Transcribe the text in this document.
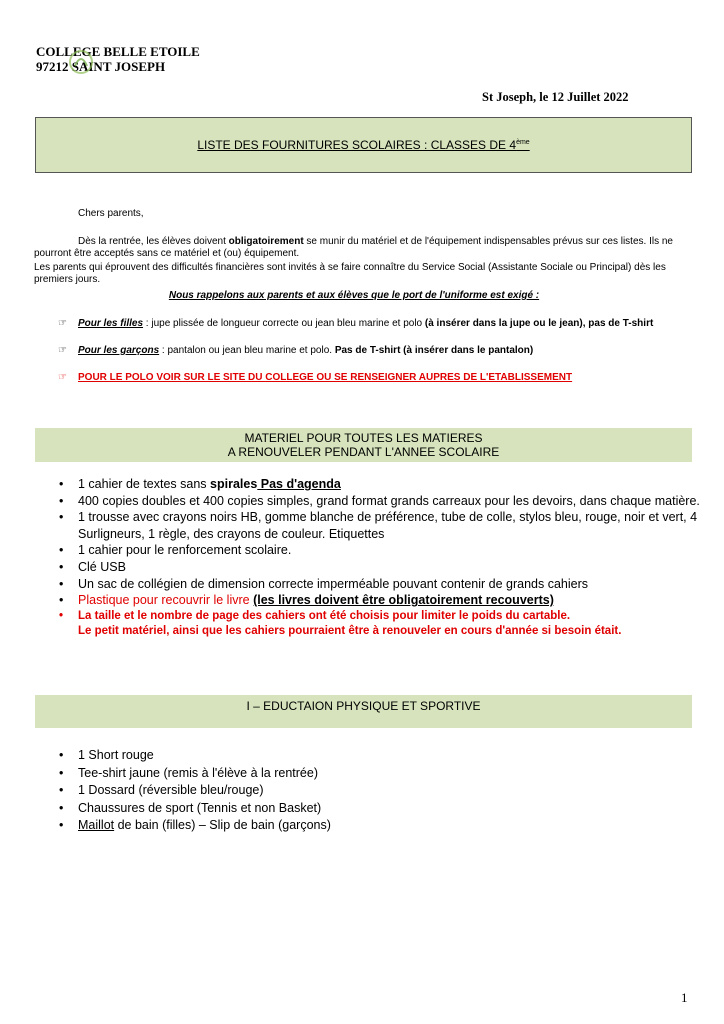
COLLEGE BELLE ETOILE
97212 SAINT JOSEPH
St Joseph, le 12 Juillet 2022
LISTE DES FOURNITURES SCOLAIRES : CLASSES DE 4ème
Chers parents,
Dès la rentrée, les élèves doivent obligatoirement se munir du matériel et de l'équipement indispensables prévus sur ces listes. Ils ne pourront être acceptés sans ce matériel et (ou) équipement.
Les parents qui éprouvent des difficultés financières sont invités à se faire connaître du Service Social (Assistante Sociale ou Principal) dès les premiers jours.
Nous rappelons aux parents et aux élèves que le port de l'uniforme est exigé :
☞ Pour les filles : jupe plissée de longueur correcte ou jean bleu marine et polo (à insérer dans la jupe ou le jean), pas de T-shirt
☞ Pour les garçons : pantalon ou jean bleu marine et polo. Pas de T-shirt (à insérer dans le pantalon)
☞ POUR LE POLO VOIR SUR LE SITE DU COLLEGE OU SE RENSEIGNER AUPRES DE L'ETABLISSEMENT
MATERIEL POUR TOUTES LES MATIERES
A RENOUVELER PENDANT L'ANNEE SCOLAIRE
• 1 cahier de textes sans spirales Pas d'agenda
• 400 copies doubles et 400 copies simples, grand format grands carreaux pour les devoirs, dans chaque matière.
• 1 trousse avec crayons noirs HB, gomme blanche de préférence, tube de colle, stylos bleu, rouge, noir et vert, 4 Surligneurs, 1 règle, des crayons de couleur. Etiquettes
• 1 cahier pour le renforcement scolaire.
• Clé USB
• Un sac de collégien de dimension correcte imperméable pouvant contenir de grands cahiers
• Plastique pour recouvrir le livre (les livres doivent être obligatoirement recouverts)
• La taille et le nombre de page des cahiers ont été choisis pour limiter le poids du cartable.
Le petit matériel, ainsi que les cahiers pourraient être à renouveler en cours d'année si besoin était.
I – EDUCTAION PHYSIQUE ET SPORTIVE
• 1 Short rouge
• Tee-shirt jaune (remis à l'élève à la rentrée)
• 1 Dossard (réversible bleu/rouge)
• Chaussures de sport (Tennis et non Basket)
• Maillot de bain (filles) – Slip de bain (garçons)
1
